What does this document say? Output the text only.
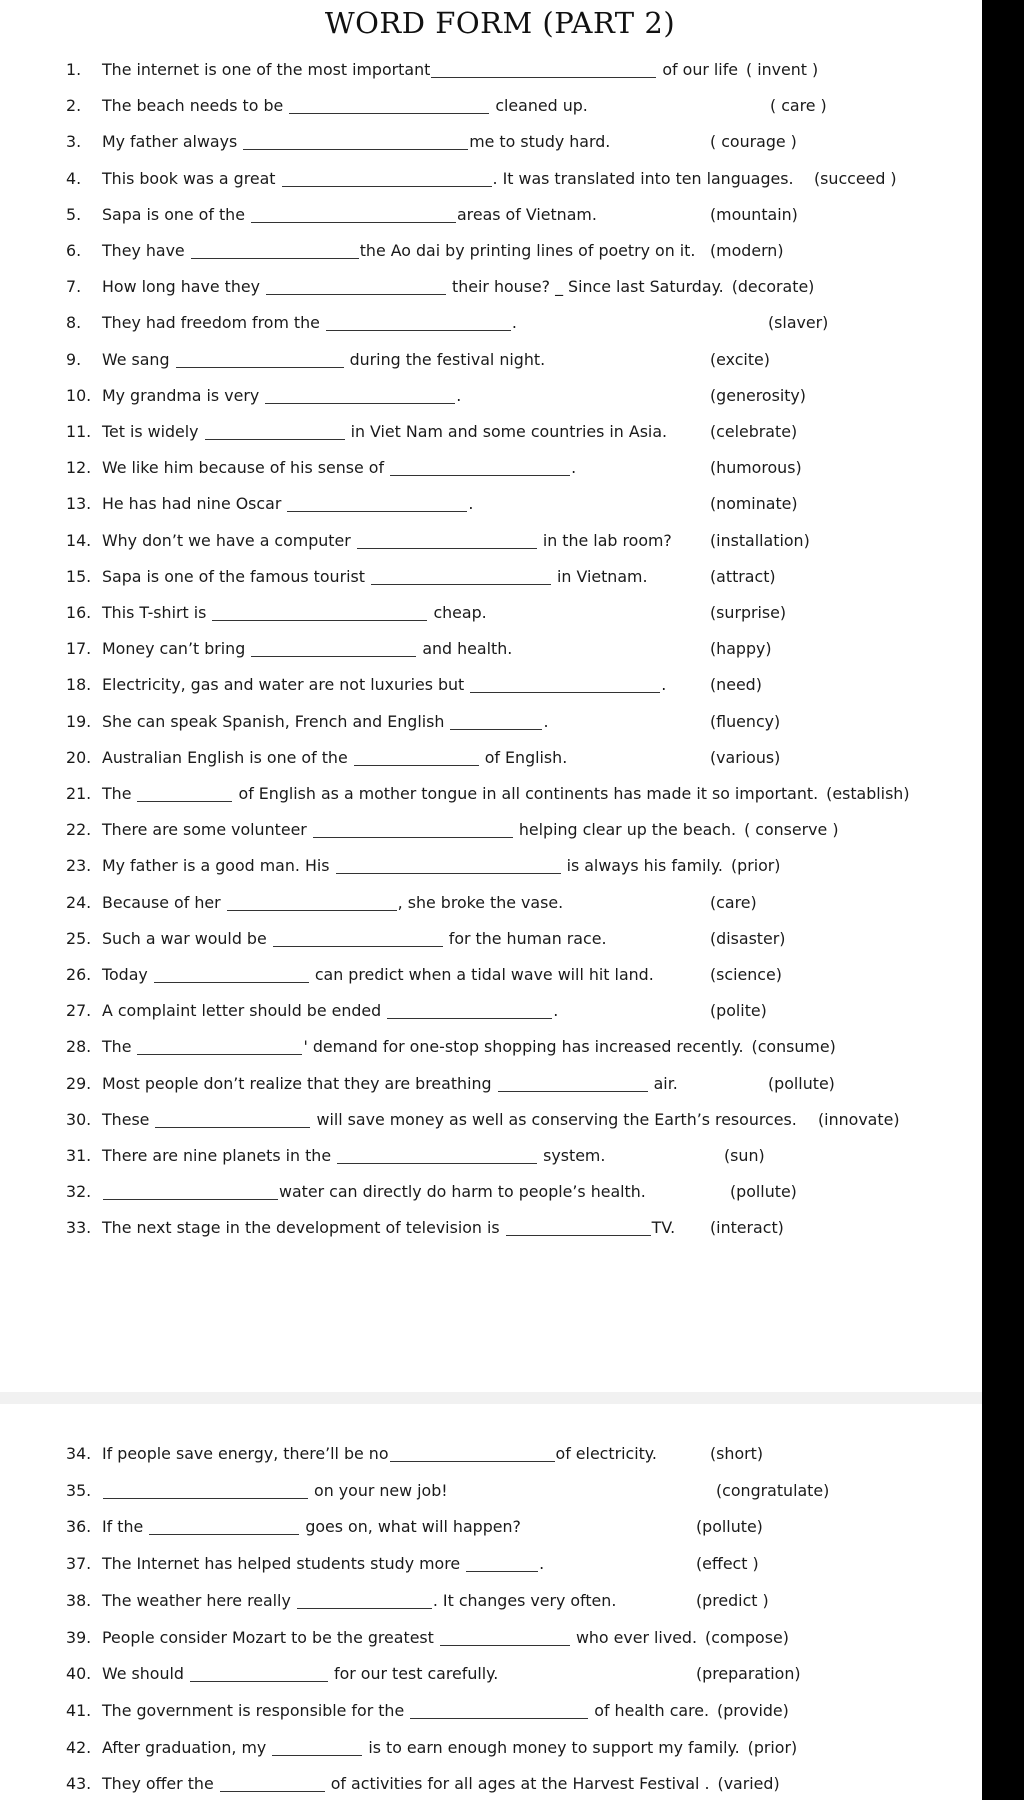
WORD FORM (PART 2)
1. The internet is one of the most important	of our life ( invent )
2. The beach needs to be	cleaned up.	( care )
3. My father always	me to study hard.	( courage )
4. This book was a great	. It was translated into ten languages. (succeed )
5. Sapa is one of the	areas of Vietnam.	(mountain)
6. They have	the Ao dai by printing lines of poetry on it. (modern)
7. How long have they	their house? _ Since last Saturday. (decorate)
8. They had freedom from the	.	(slaver)
9. We sang	during the festival night.	(excite)
10. My grandma is very	.	(generosity)
11. Tet is widely	in Viet Nam and some countries in Asia.	(celebrate)
12. We like him because of his sense of	.	(humorous)
13. He has had nine Oscar	.	(nominate)
14. Why don’t we have a computer	in the lab room? (installation)
15. Sapa is one of the famous tourist	in Vietnam.	(attract)
16. This T-shirt is	cheap.	(surprise)
17. Money can’t bring	and health.	(happy)
18. Electricity, gas and water are not luxuries but	.	(need)
19. She can speak Spanish, French and English	.	(fluency)
20. Australian English is one of the	of English.	(various)
21. The	of English as a mother tongue in all continents has made it so important. (establish)
22. There are some volunteer	helping clear up the beach. ( conserve )
23. My father is a good man. His	is always his family. (prior)
24. Because of her	, she broke the vase.	(care)
25. Such a war would be	for the human race.	(disaster)
26. Today	can predict when a tidal wave will hit land.	(science)
27. A complaint letter should be ended	.	(polite)
28. The	' demand for one-stop shopping has increased recently. (consume)
29. Most people don’t realize that they are breathing	air.	(pollute)
30. These	will save money as well as conserving the Earth’s resources. (innovate)
31. There are nine planets in the	system.	(sun)
32.	water can directly do harm to people’s health.	(pollute)
33. The next stage in the development of television is	TV. (interact)
34. If people save energy, there’ll be no	of electricity.	(short)
35.	on your new job!	(congratulate)
36. If the	goes on, what will happen?	(pollute)
37. The Internet has helped students study more	.	(effect )
38. The weather here really	. It changes very often.	(predict )
39. People consider Mozart to be the greatest	who ever lived. (compose)
40. We should	for our test carefully.	(preparation)
41. The government is responsible for the	of health care. (provide)
42. After graduation, my	is to earn enough money to support my family. (prior)
43. They offer the	of activities for all ages at the Harvest Festival . (varied)
